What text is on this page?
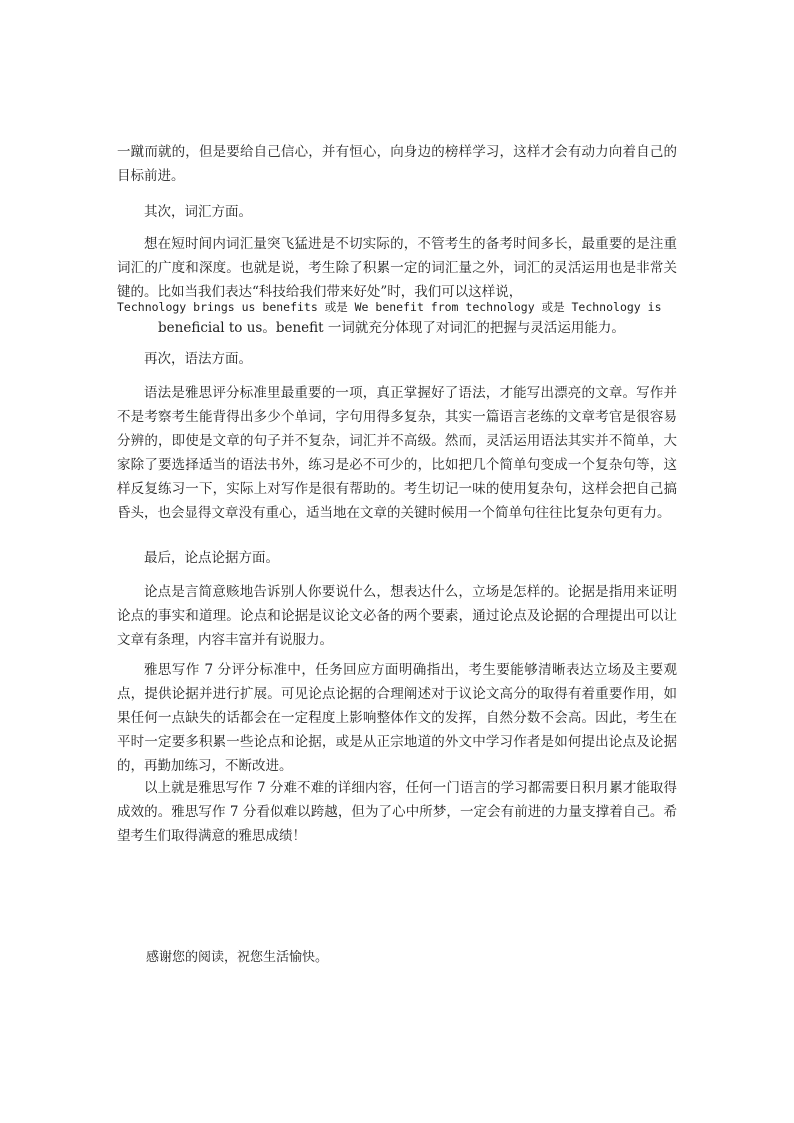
一蹴而就的，但是要给自己信心，并有恒心，向身边的榜样学习，这样才会有动力向着自己的目标前进。

其次，词汇方面。

想在短时间内词汇量突飞猛进是不切实际的，不管考生的备考时间多长，最重要的是注重词汇的广度和深度。也就是说，考生除了积累一定的词汇量之外，词汇的灵活运用也是非常关键的。比如当我们表达“科技给我们带来好处”时，我们可以这样说，

Technology brings us benefits 或是 We benefit from technology 或是 Technology is

beneficial to us。benefit 一词就充分体现了对词汇的把握与灵活运用能力。

再次，语法方面。

语法是雅思评分标准里最重要的一项，真正掌握好了语法，才能写出漂亮的文章。写作并不是考察考生能背得出多少个单词，字句用得多复杂，其实一篇语言老练的文章考官是很容易分辨的，即使是文章的句子并不复杂，词汇并不高级。然而，灵活运用语法其实并不简单，大家除了要选择适当的语法书外，练习是必不可少的，比如把几个简单句变成一个复杂句等，这样反复练习一下，实际上对写作是很有帮助的。考生切记一味的使用复杂句，这样会把自己搞昏头，也会显得文章没有重心，适当地在文章的关键时候用一个简单句往往比复杂句更有力。

最后，论点论据方面。

论点是言简意赅地告诉别人你要说什么，想表达什么，立场是怎样的。论据是指用来证明论点的事实和道理。论点和论据是议论文必备的两个要素，通过论点及论据的合理提出可以让文章有条理，内容丰富并有说服力。

雅思写作 7 分评分标准中，任务回应方面明确指出，考生要能够清晰表达立场及主要观点，提供论据并进行扩展。可见论点论据的合理阐述对于议论文高分的取得有着重要作用，如果任何一点缺失的话都会在一定程度上影响整体作文的发挥，自然分数不会高。因此，考生在平时一定要多积累一些论点和论据，或是从正宗地道的外文中学习作者是如何提出论点及论据的，再勤加练习，不断改进。

以上就是雅思写作 7 分难不难的详细内容，任何一门语言的学习都需要日积月累才能取得成效的。雅思写作 7 分看似难以跨越，但为了心中所梦，一定会有前进的力量支撑着自己。希望考生们取得满意的雅思成绩！

感谢您的阅读，祝您生活愉快。
